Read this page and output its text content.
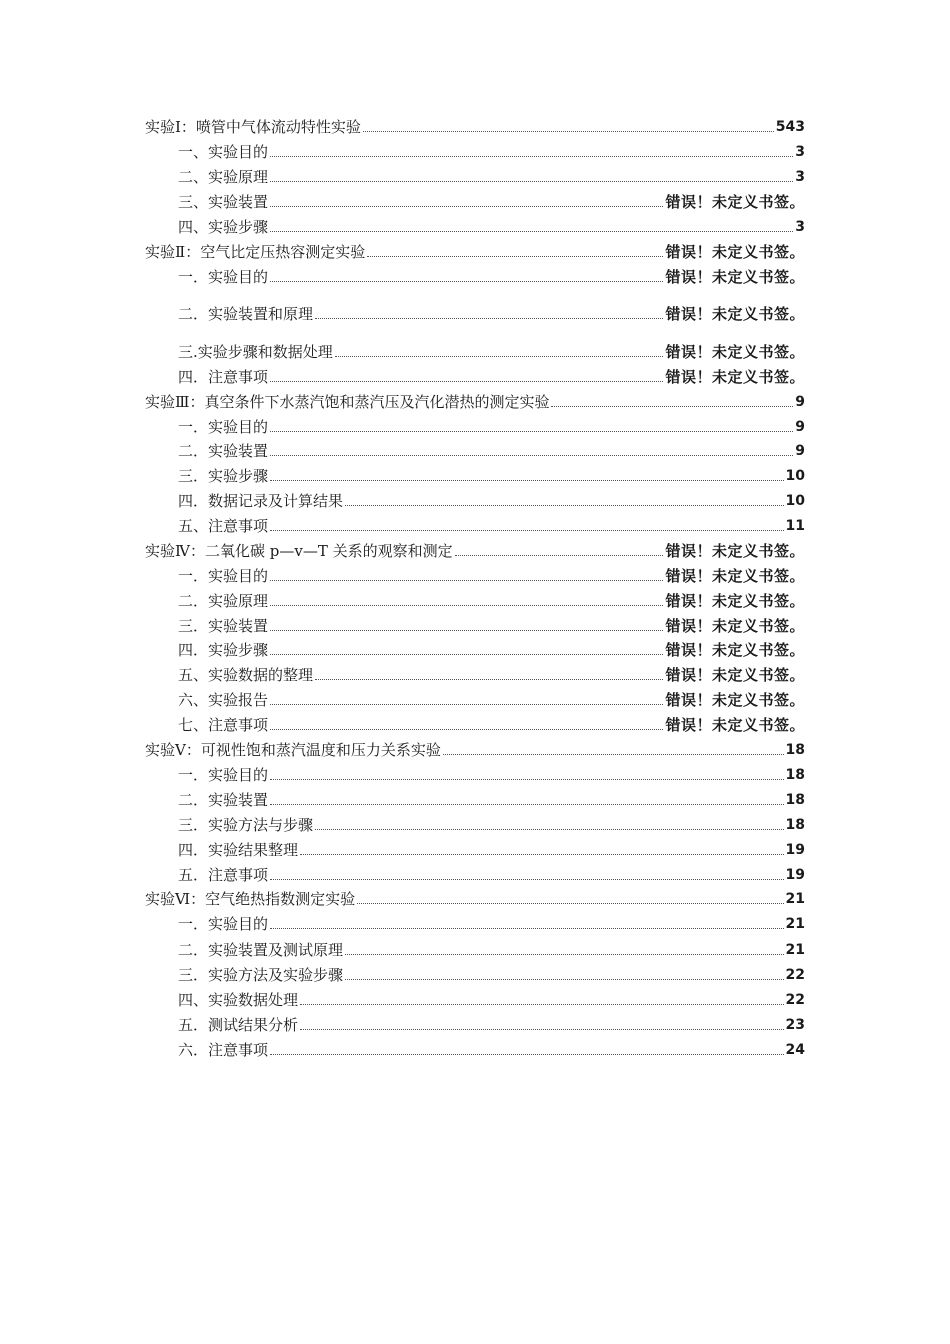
实验Ⅰ：喷管中气体流动特性实验	543
一、实验目的	3
二、实验原理	3
三、实验装置	错误！未定义书签。
四、实验步骤	3
实验Ⅱ：空气比定压热容测定实验	错误！未定义书签。
一．实验目的	错误！未定义书签。
二．实验装置和原理	错误！未定义书签。
三.实验步骤和数据处理	错误！未定义书签。
四．注意事项	错误！未定义书签。
实验Ⅲ：真空条件下水蒸汽饱和蒸汽压及汽化潜热的测定实验	9
一．实验目的	9
二．实验装置	9
三．实验步骤	10
四．数据记录及计算结果	10
五、注意事项	11
实验Ⅳ：二氧化碳 p—v—T 关系的观察和测定	错误！未定义书签。
一．实验目的	错误！未定义书签。
二．实验原理	错误！未定义书签。
三．实验装置	错误！未定义书签。
四．实验步骤	错误！未定义书签。
五、实验数据的整理	错误！未定义书签。
六、实验报告	错误！未定义书签。
七、注意事项	错误！未定义书签。
实验Ⅴ：可视性饱和蒸汽温度和压力关系实验	18
一．实验目的	18
二．实验装置	18
三．实验方法与步骤	18
四．实验结果整理	19
五．注意事项	19
实验Ⅵ：空气绝热指数测定实验	21
一．实验目的	21
二．实验装置及测试原理	21
三．实验方法及实验步骤	22
四、实验数据处理	22
五．测试结果分析	23
六．注意事项	24
